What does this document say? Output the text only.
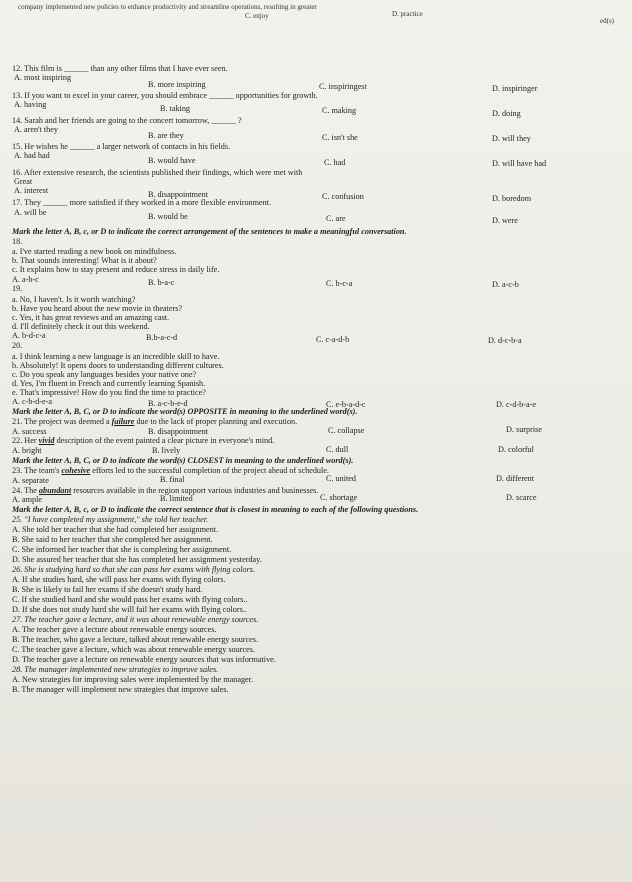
company implemented new policies to enhance productivity and streamline operations, resulting in greater
C. enjoy	D. practice
ed(s)
12. This film is ______ than any other films that I have ever seen.
A. most inspiring
B. more inspiring	C. inspiringest	D. inspiringer
13. If you want to excel in your career, you should embrace ______ opportunities for growth.
A. having	B. taking	C. making	D. doing
14. Sarah and her friends are going to the concert tomorrow, ______ ?
A. aren't they
B. are they	C. isn't she	D. will they
15. He wishes he ______ a larger network of contacts in his fields.
A. had had
B. would have	C. had	D. will have had
16. After extensive research, the scientists published their findings, which were met with
Great
A. interest	B. disappointment	C. confusion	D. boredom
17. They ______ more satisfied if they worked in a more flexible environment.
A. will be	B. would be	C. are	D. were
Mark the letter A, B, c, or D to indicate the correct arrangement of the sentences to make a meaningful conversation.
18.
a. I've started reading a new book on mindfulness.
b. That sounds interesting! What is it about?
c. It explains how to stay present and reduce stress in daily life.
A. a-b-c	B. b-a-c	C. b-c-a	D. a-c-b
19.
a. No, I haven't. Is it worth watching?
b. Have you heard about the new movie in theaters?
c. Yes, it has great reviews and an amazing cast.
d. I'll definitely check it out this weekend.
A. b-d-c-a	B.b-a-c-d	C. c-a-d-b	D. d-c-b-a
20.
a. I think learning a new language is an incredible skill to have.
b. Absolutely! It opens doors to understanding different cultures.
c. Do you speak any languages besides your native one?
d. Yes, I'm fluent in French and currently learning Spanish.
e. That's impressive! How do you find the time to practice?
A. c-b-d-e-a	B. a-c-b-e-d	C. e-b-a-d-c	D. c-d-b-a-e
Mark the letter A, B, C, or D to indicate the word(s) OPPOSITE in meaning to the underlined word(s).
21. The project was deemed a failure due to the lack of proper planning and execution.
A. success	B. disappointment	C. collapse	D. surprise
22. Her vivid description of the event painted a clear picture in everyone's mind.
A. bright	B. lively	C. dull	D. colorful
Mark the letter A, B, C, or D to indicate the word(s) CLOSEST in meaning to the underlined word(s).
23. The team's cohesive efforts led to the successful completion of the project ahead of schedule.
A. separate	B. final	C. united	D. different
24. The abundant resources available in the region support various industries and businesses.
A. ample	B. limited	C. shortage	D. scarce
Mark the letter A, B, c, or D to indicate the correct sentence that is closest in meaning to each of the following questions.
25. "I have completed my assignment," she told her teacher.
A. She told her teacher that she had completed her assignment.
B. She said to her teacher that she completed her assignment.
C. She informed her teacher that she is completing her assignment.
D. She assured her teacher that she has completed her assignment yesterday.
26. She is studying hard so that she can pass her exams with flying colors.
A. If she studies hard, she will pass her exams with flying colors.
B. She is likely to fail her exams if she doesn't study hard.
C. If she studied hard and she would pass her exams with flying colors..
D. If she does not study hard she will fail her exams with flying colors..
27. The teacher gave a lecture, and it was about renewable energy sources.
A. The teacher gave a lecture about renewable energy sources.
B. The teacher, who gave a lecture, talked about renewable energy sources.
C. The teacher gave a lecture, which was about renewable energy sources.
D. The teacher gave a lecture on renewable energy sources that was informative.
28. The manager implemented new strategies to improve sales.
A. New strategies for improving sales were implemented by the manager.
B. The manager will implement new strategies that improve sales.
